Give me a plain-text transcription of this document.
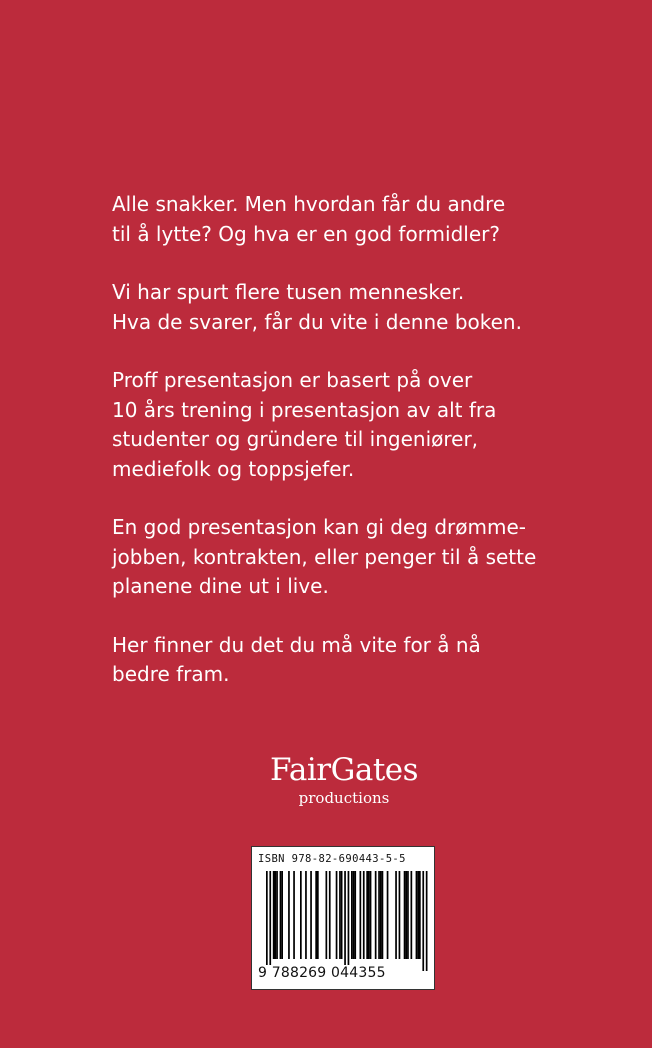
Alle snakker. Men hvordan får du andre
til å lytte? Og hva er en god formidler?
Vi har spurt flere tusen mennesker.
Hva de svarer, får du vite i denne boken.
Proff presentasjon er basert på over
10 års trening i presentasjon av alt fra
studenter og gründere til ingeniører,
mediefolk og toppsjefer.
En god presentasjon kan gi deg drømme-
jobben, kontrakten, eller penger til å sette
planene dine ut i live.
Her finner du det du må vite for å nå
bedre fram.
FairGates
productions
ISBN 978-82-690443-5-5
9 788269 044355
